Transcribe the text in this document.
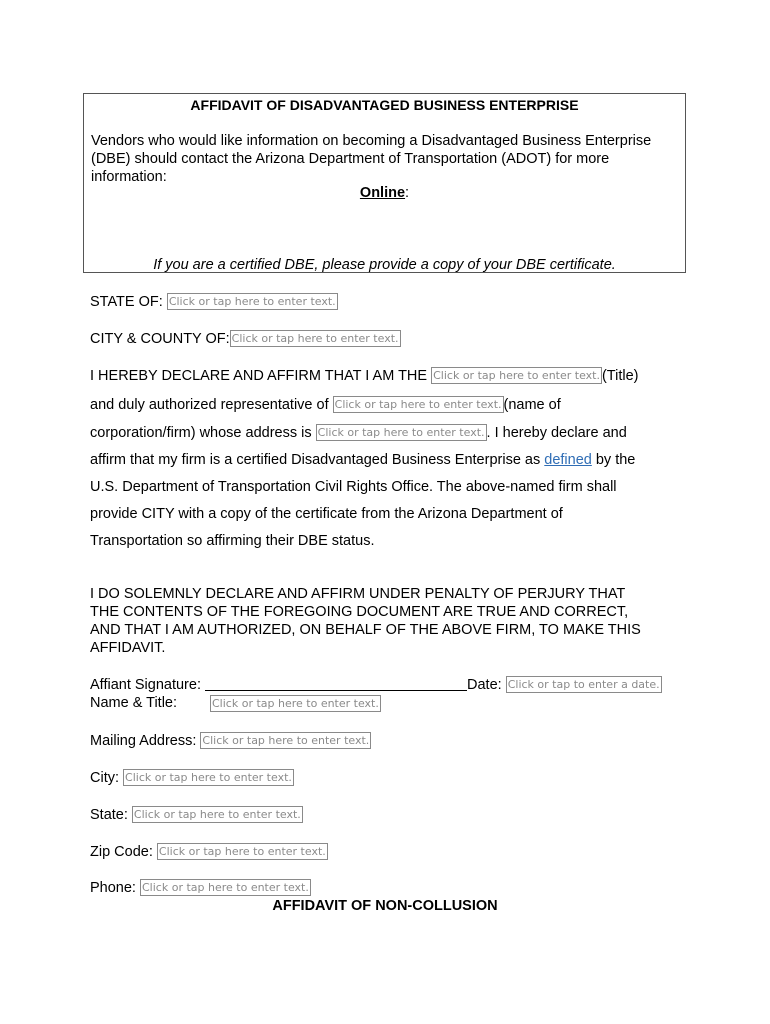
AFFIDAVIT OF DISADVANTAGED BUSINESS ENTERPRISE
Vendors who would like information on becoming a Disadvantaged Business Enterprise (DBE) should contact the Arizona Department of Transportation (ADOT) for more information:
Online:
If you are a certified DBE, please provide a copy of your DBE certificate.
STATE OF: Click or tap here to enter text.
CITY & COUNTY OF: Click or tap here to enter text.
I HEREBY DECLARE AND AFFIRM THAT I AM THE Click or tap here to enter text. (Title)
and duly authorized representative of Click or tap here to enter text. (name of
corporation/firm) whose address is Click or tap here to enter text. . I hereby declare and
affirm that my firm is a certified Disadvantaged Business Enterprise as defined by the
U.S. Department of Transportation Civil Rights Office. The above-named firm shall
provide CITY with a copy of the certificate from the Arizona Department of
Transportation so affirming their DBE status.
I DO SOLEMNLY DECLARE AND AFFIRM UNDER PENALTY OF PERJURY THAT
THE CONTENTS OF THE FOREGOING DOCUMENT ARE TRUE AND CORRECT,
AND THAT I AM AUTHORIZED, ON BEHALF OF THE ABOVE FIRM, TO MAKE THIS
AFFIDAVIT.
Affiant Signature:	Date: Click or tap to enter a date.
Name & Title:	Click or tap here to enter text.
Mailing Address: Click or tap here to enter text.
City: Click or tap here to enter text.
State: Click or tap here to enter text.
Zip Code: Click or tap here to enter text.
Phone: Click or tap here to enter text.
AFFIDAVIT OF NON-COLLUSION
